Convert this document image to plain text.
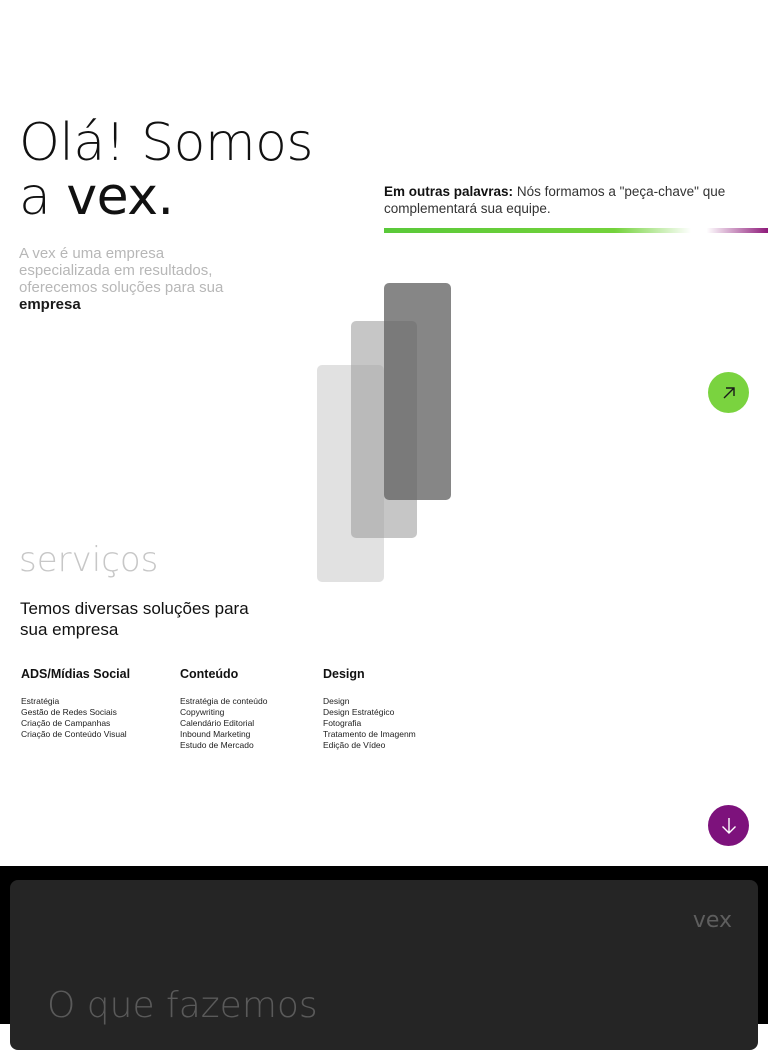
Olá! Somos
a vex.

A vex é uma empresa especializada em resultados, oferecemos soluções para sua
empresa

Em outras palavras: Nós formamos a "peça-chave" que complementará sua equipe.

serviços

Temos diversas soluções para sua empresa

ADS/Mídias Social
Estratégia
Gestão de Redes Sociais
Criação de Campanhas
Criação de Conteúdo Visual
Conteúdo
Estratégia de conteúdo
Copywriting
Calendário Editorial
Inbound Marketing
Estudo de Mercado
Design
Design
Design Estratégico
Fotografia
Tratamento de Imagenm
Edição de Vídeo
vex
O que fazemos
